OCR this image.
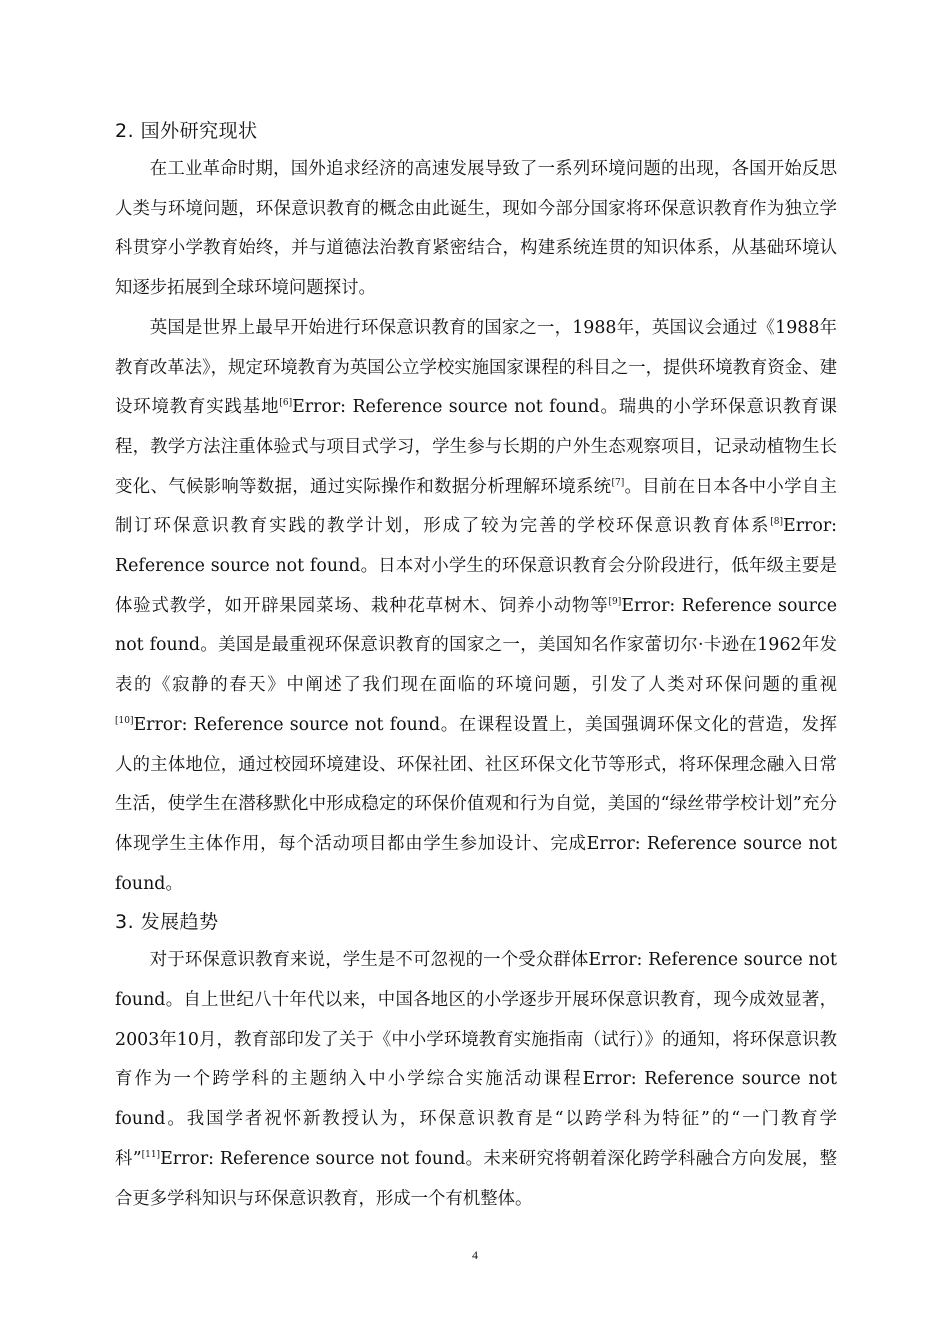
2. 国外研究现状

在工业革命时期，国外追求经济的高速发展导致了一系列环境问题的出现，各国开始反思人类与环境问题，环保意识教育的概念由此诞生，现如今部分国家将环保意识教育作为独立学科贯穿小学教育始终，并与道德法治教育紧密结合，构建系统连贯的知识体系，从基础环境认知逐步拓展到全球环境问题探讨。

英国是世界上最早开始进行环保意识教育的国家之一，1988年，英国议会通过《1988年教育改革法》，规定环境教育为英国公立学校实施国家课程的科目之一，提供环境教育资金、建设环境教育实践基地[6]Error: Reference source not found。瑞典的小学环保意识教育课程，教学方法注重体验式与项目式学习，学生参与长期的户外生态观察项目，记录动植物生长变化、气候影响等数据，通过实际操作和数据分析理解环境系统[7]。目前在日本各中小学自主制订环保意识教育实践的教学计划，形成了较为完善的学校环保意识教育体系[8]Error: Reference source not found。日本对小学生的环保意识教育会分阶段进行，低年级主要是体验式教学，如开辟果园菜场、栽种花草树木、饲养小动物等[9]Error: Reference source not found。美国是最重视环保意识教育的国家之一，美国知名作家蕾切尔·卡逊在1962年发表的《寂静的春天》中阐述了我们现在面临的环境问题，引发了人类对环保问题的重视[10]Error: Reference source not found。在课程设置上，美国强调环保文化的营造，发挥人的主体地位，通过校园环境建设、环保社团、社区环保文化节等形式，将环保理念融入日常生活，使学生在潜移默化中形成稳定的环保价值观和行为自觉，美国的“绿丝带学校计划”充分体现学生主体作用，每个活动项目都由学生参加设计、完成Error: Reference source not found。

3. 发展趋势

对于环保意识教育来说，学生是不可忽视的一个受众群体Error: Reference source not found。自上世纪八十年代以来，中国各地区的小学逐步开展环保意识教育，现今成效显著，2003年10月，教育部印发了关于《中小学环境教育实施指南（试行）》的通知，将环保意识教育作为一个跨学科的主题纳入中小学综合实施活动课程Error: Reference source not found。我国学者祝怀新教授认为，环保意识教育是“以跨学科为特征”的“一门教育学科”[11]Error: Reference source not found。未来研究将朝着深化跨学科融合方向发展，整合更多学科知识与环保意识教育，形成一个有机整体。

4
